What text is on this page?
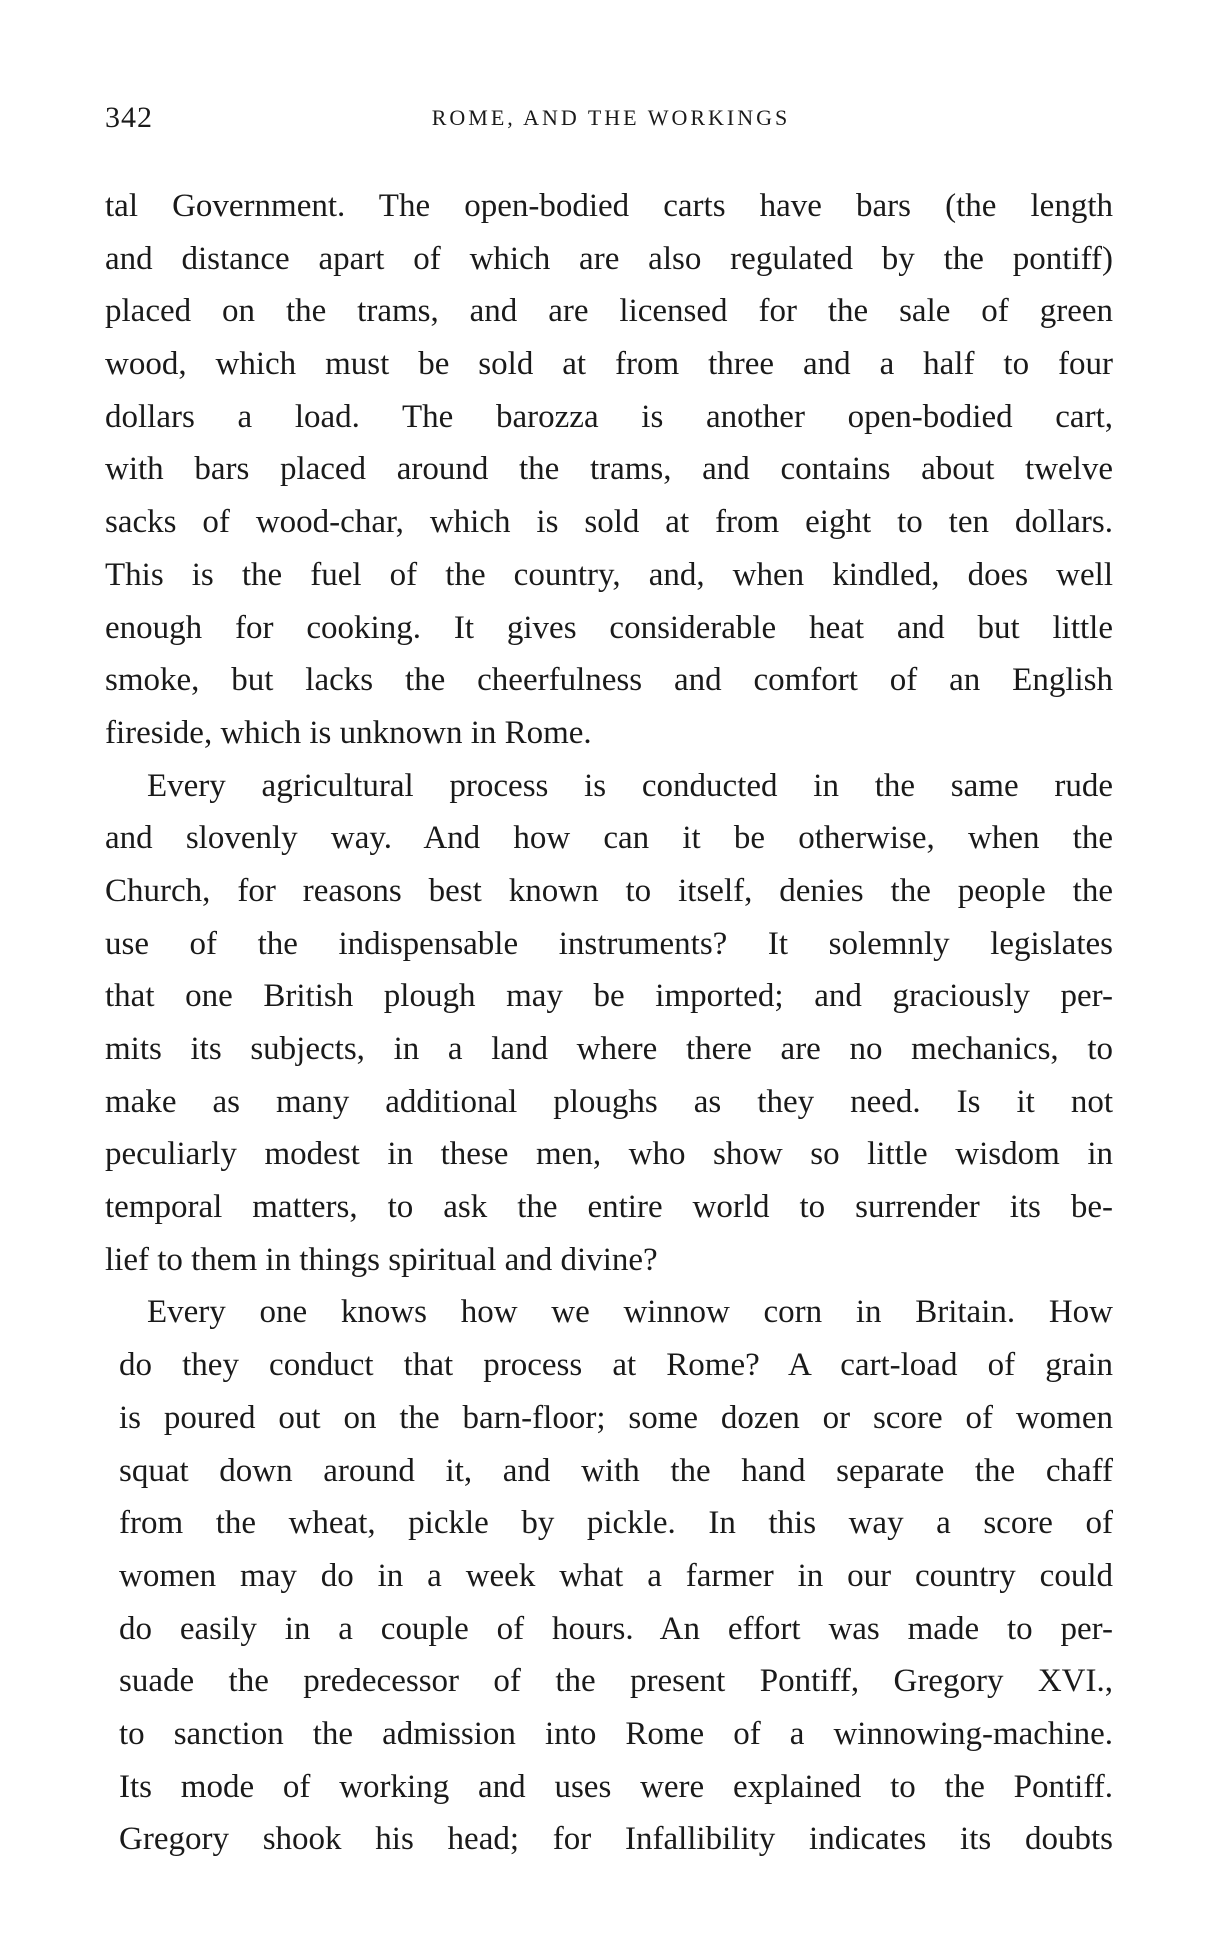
342	ROME, AND THE WORKINGS
tal Government. The open-bodied carts have bars (the length
and distance apart of which are also regulated by the pontiff)
placed on the trams, and are licensed for the sale of green
wood, which must be sold at from three and a half to four
dollars a load. The barozza is another open-bodied cart,
with bars placed around the trams, and contains about twelve
sacks of wood-char, which is sold at from eight to ten dollars.
This is the fuel of the country, and, when kindled, does well
enough for cooking. It gives considerable heat and but little
smoke, but lacks the cheerfulness and comfort of an English
fireside, which is unknown in Rome.
Every agricultural process is conducted in the same rude
and slovenly way. And how can it be otherwise, when the
Church, for reasons best known to itself, denies the people the
use of the indispensable instruments? It solemnly legislates
that one British plough may be imported; and graciously per-
mits its subjects, in a land where there are no mechanics, to
make as many additional ploughs as they need. Is it not
peculiarly modest in these men, who show so little wisdom in
temporal matters, to ask the entire world to surrender its be-
lief to them in things spiritual and divine?
Every one knows how we winnow corn in Britain. How
do they conduct that process at Rome? A cart-load of grain
is poured out on the barn-floor; some dozen or score of women
squat down around it, and with the hand separate the chaff
from the wheat, pickle by pickle. In this way a score of
women may do in a week what a farmer in our country could
do easily in a couple of hours. An effort was made to per-
suade the predecessor of the present Pontiff, Gregory XVI.,
to sanction the admission into Rome of a winnowing-machine.
Its mode of working and uses were explained to the Pontiff.
Gregory shook his head; for Infallibility indicates its doubts
